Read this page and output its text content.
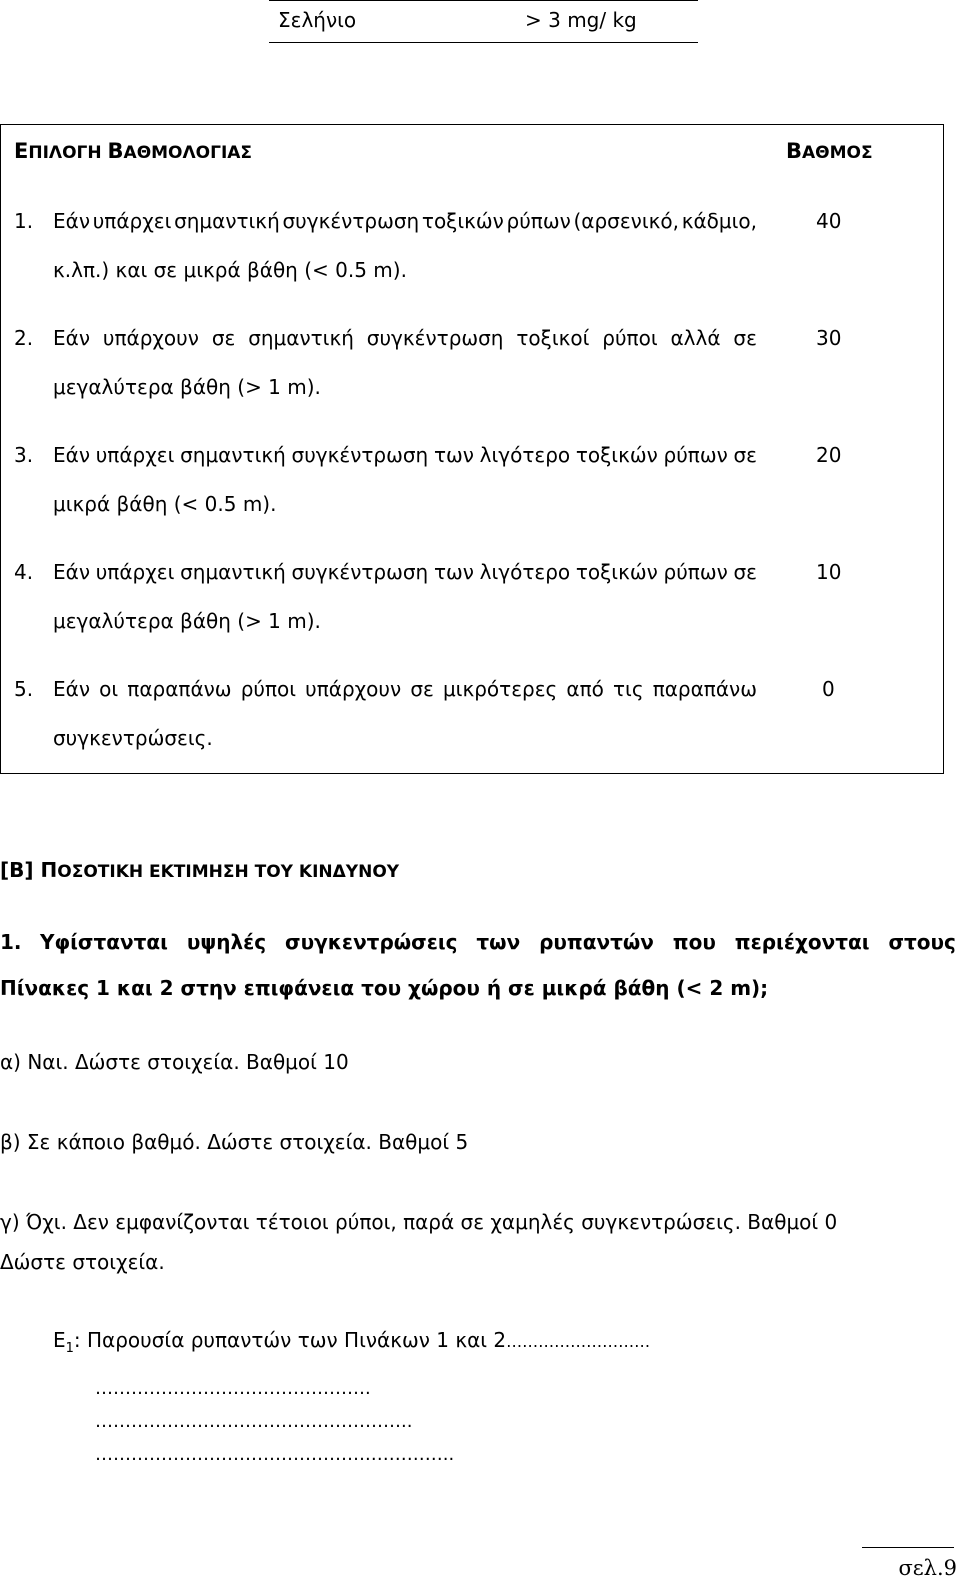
Σελήνιο	> 3 mg/ kg
ΕΠΙΛΟΓΗ ΒΑΘΜΟΛΟΓΙΑΣ	ΒΑΘΜΟΣ
1. Εάν υπάρχει σημαντική συγκέντρωση τοξικών ρύπων (αρσενικό, κάδμιο,
κ.λπ.) και σε μικρά βάθη (< 0.5 m).
40
2. Εάν υπάρχουν σε σημαντική συγκέντρωση τοξικοί ρύποι αλλά σε
μεγαλύτερα βάθη (> 1 m).
30
3. Εάν υπάρχει σημαντική συγκέντρωση των λιγότερο τοξικών ρύπων σε
μικρά βάθη (< 0.5 m).
20
4. Εάν υπάρχει σημαντική συγκέντρωση των λιγότερο τοξικών ρύπων σε
μεγαλύτερα βάθη (> 1 m).
10
5. Εάν οι παραπάνω ρύποι υπάρχουν σε μικρότερες από τις παραπάνω
συγκεντρώσεις.
0
[Β] ΠΟΣΟΤΙΚΗ ΕΚΤΙΜΗΣΗ ΤΟΥ ΚΙΝΔΥΝΟΥ
1. Υφίστανται υψηλές συγκεντρώσεις των ρυπαντών που περιέχονται στους
Πίνακες 1 και 2 στην επιφάνεια του χώρου ή σε μικρά βάθη (< 2 m);
α) Ναι. Δώστε στοιχεία. Βαθμοί 10
β) Σε κάποιο βαθμό. Δώστε στοιχεία. Βαθμοί 5
γ) Όχι. Δεν εμφανίζονται τέτοιοι ρύποι, παρά σε χαμηλές συγκεντρώσεις. Βαθμοί 0
Δώστε στοιχεία.
$E_1$: Παρουσία ρυπαντών των Πινάκων 1 και 2………………………
……………………………………….
……………………………………………..
……………………………………….…………..
σελ.9
